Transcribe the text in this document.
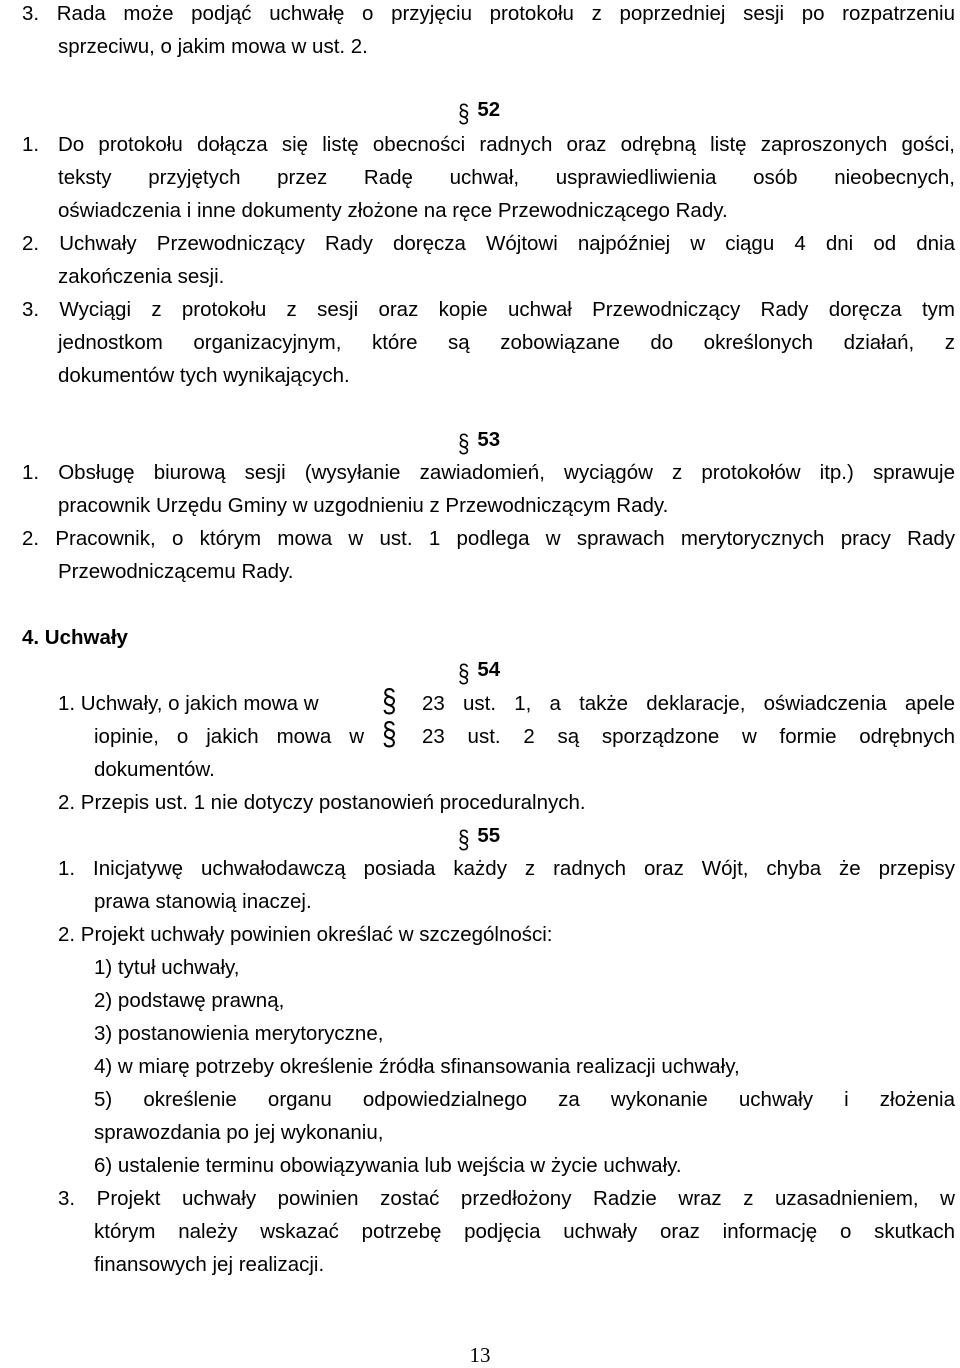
3. Rada może podjąć uchwałę o przyjęciu protokołu z poprzedniej sesji po rozpatrzeniu
sprzeciwu, o jakim mowa w ust. 2.
§ 52
1. Do protokołu dołącza się listę obecności radnych oraz odrębną listę zaproszonych gości,
teksty przyjętych przez Radę uchwał, usprawiedliwienia osób nieobecnych,
oświadczenia i inne dokumenty złożone na ręce Przewodniczącego Rady.
2. Uchwały Przewodniczący Rady doręcza Wójtowi najpóźniej w ciągu 4 dni od dnia
zakończenia sesji.
3. Wyciągi z protokołu z sesji oraz kopie uchwał Przewodniczący Rady doręcza tym
jednostkom organizacyjnym, które są zobowiązane do określonych działań, z
dokumentów tych wynikających.
§ 53
1. Obsługę biurową sesji (wysyłanie zawiadomień, wyciągów z protokołów itp.) sprawuje
pracownik Urzędu Gminy w uzgodnieniu z Przewodniczącym Rady.
2. Pracownik, o którym mowa w ust. 1 podlega w sprawach merytorycznych pracy Rady
Przewodniczącemu Rady.
4. Uchwały
§ 54
1. Uchwały, o jakich mowa w § 23 ust. 1, a także deklaracje, oświadczenia apele
iopinie, o jakich mowa w § 23 ust. 2 są sporządzone w formie odrębnych
dokumentów.
2. Przepis ust. 1 nie dotyczy postanowień proceduralnych.
§ 55
1. Inicjatywę uchwałodawczą posiada każdy z radnych oraz Wójt, chyba że przepisy
prawa stanowią inaczej.
2. Projekt uchwały powinien określać w szczególności:
1) tytuł uchwały,
2) podstawę prawną,
3) postanowienia merytoryczne,
4) w miarę potrzeby określenie źródła sfinansowania realizacji uchwały,
5) określenie organu odpowiedzialnego za wykonanie uchwały i złożenia
sprawozdania po jej wykonaniu,
6) ustalenie terminu obowiązywania lub wejścia w życie uchwały.
3. Projekt uchwały powinien zostać przedłożony Radzie wraz z uzasadnieniem, w
którym należy wskazać potrzebę podjęcia uchwały oraz informację o skutkach
finansowych jej realizacji.
13
